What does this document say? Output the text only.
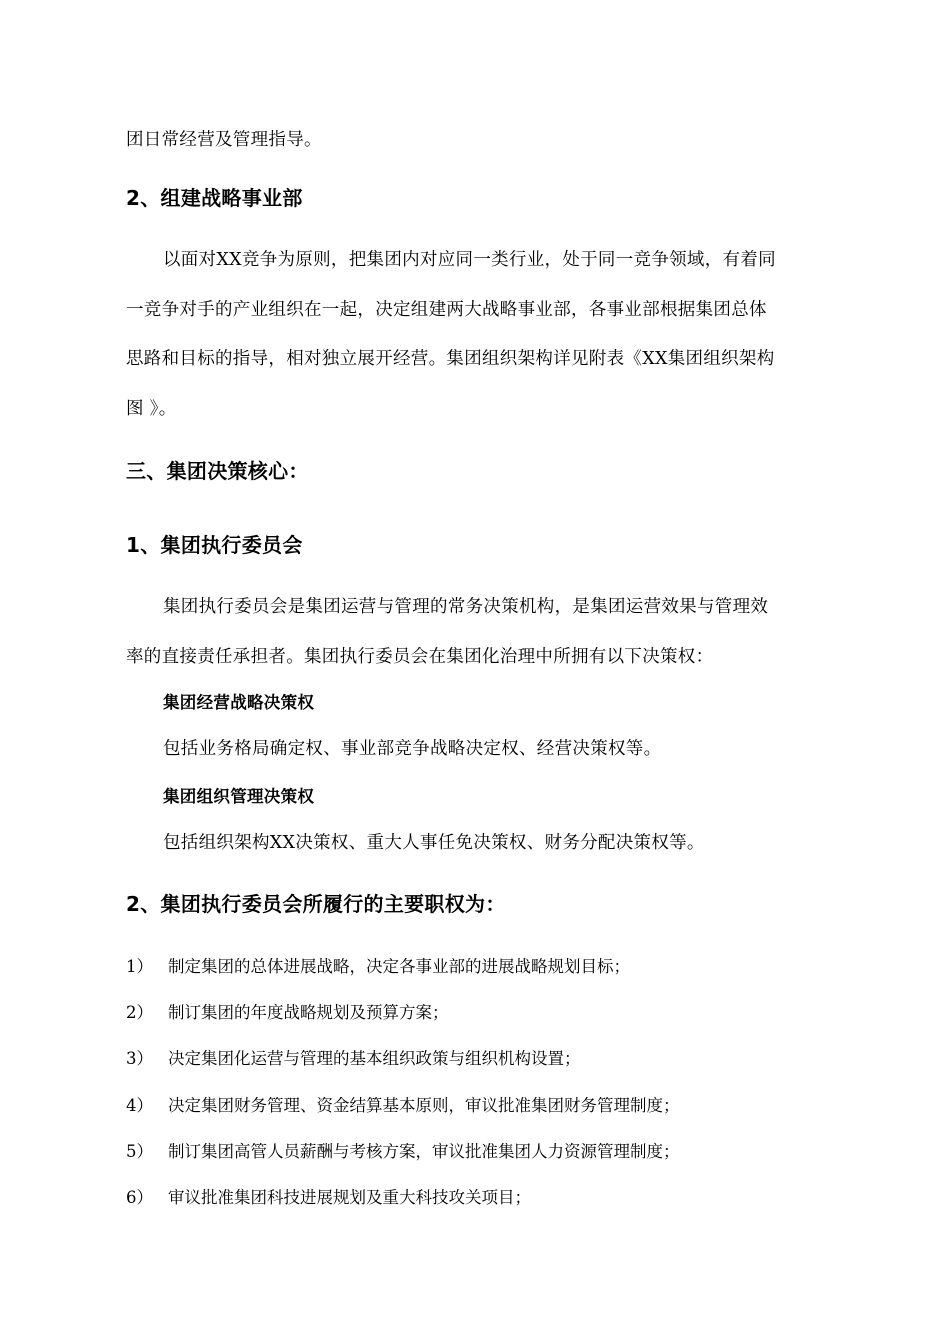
团日常经营及管理指导。
2、组建战略事业部
以面对XX竞争为原则，把集团内对应同一类行业，处于同一竞争领域，有着同
一竞争对手的产业组织在一起，决定组建两大战略事业部，各事业部根据集团总体
思路和目标的指导，相对独立展开经营。集团组织架构详见附表《XX集团组织架构
图 》。
三、集团决策核心：
1、集团执行委员会
集团执行委员会是集团运营与管理的常务决策机构，是集团运营效果与管理效
率的直接责任承担者。集团执行委员会在集团化治理中所拥有以下决策权：
集团经营战略决策权
包括业务格局确定权、事业部竞争战略决定权、经营决策权等。
集团组织管理决策权
包括组织架构XX决策权、重大人事任免决策权、财务分配决策权等。
2、集团执行委员会所履行的主要职权为：
1） 制定集团的总体进展战略，决定各事业部的进展战略规划目标；
2） 制订集团的年度战略规划及预算方案；
3） 决定集团化运营与管理的基本组织政策与组织机构设置；
4） 决定集团财务管理、资金结算基本原则，审议批准集团财务管理制度；
5） 制订集团高管人员薪酬与考核方案，审议批准集团人力资源管理制度；
6） 审议批准集团科技进展规划及重大科技攻关项目；
